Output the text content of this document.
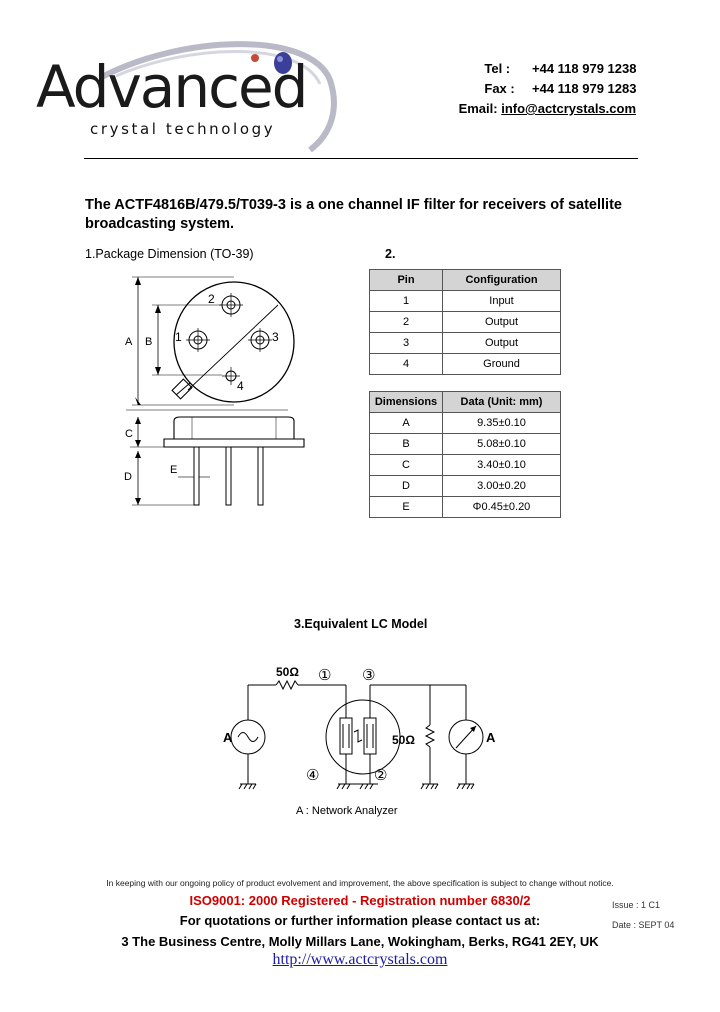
Advanced
crystal technology
Tel : +44 118 979 1238
Fax : +44 118 979 1283
Email: info@actcrystals.com
The ACTF4816B/479.5/T039-3 is a one channel IF filter for receivers of satellite broadcasting system.
1.Package Dimension (TO-39)
2
1	3
4
A B
C
D
E
2.
Pin	Configuration
1	Input
2	Output
3	Output
4	Ground
Dimensions	Data (Unit: mm)
A	9.35±0.10
B	5.08±0.10
C	3.40±0.10
D	3.00±0.20
E	Φ0.45±0.20
3.Equivalent LC Model
50Ω
50Ω
A	A
① ③
④	②
A : Network Analyzer
In keeping with our ongoing policy of product evolvement and improvement, the above specification is subject to change without notice.
ISO9001: 2000 Registered - Registration number 6830/2
For quotations or further information please contact us at:
3 The Business Centre, Molly Millars Lane, Wokingham, Berks, RG41 2EY, UK
http://www.actcrystals.com
Issue : 1 C1
Date : SEPT 04
